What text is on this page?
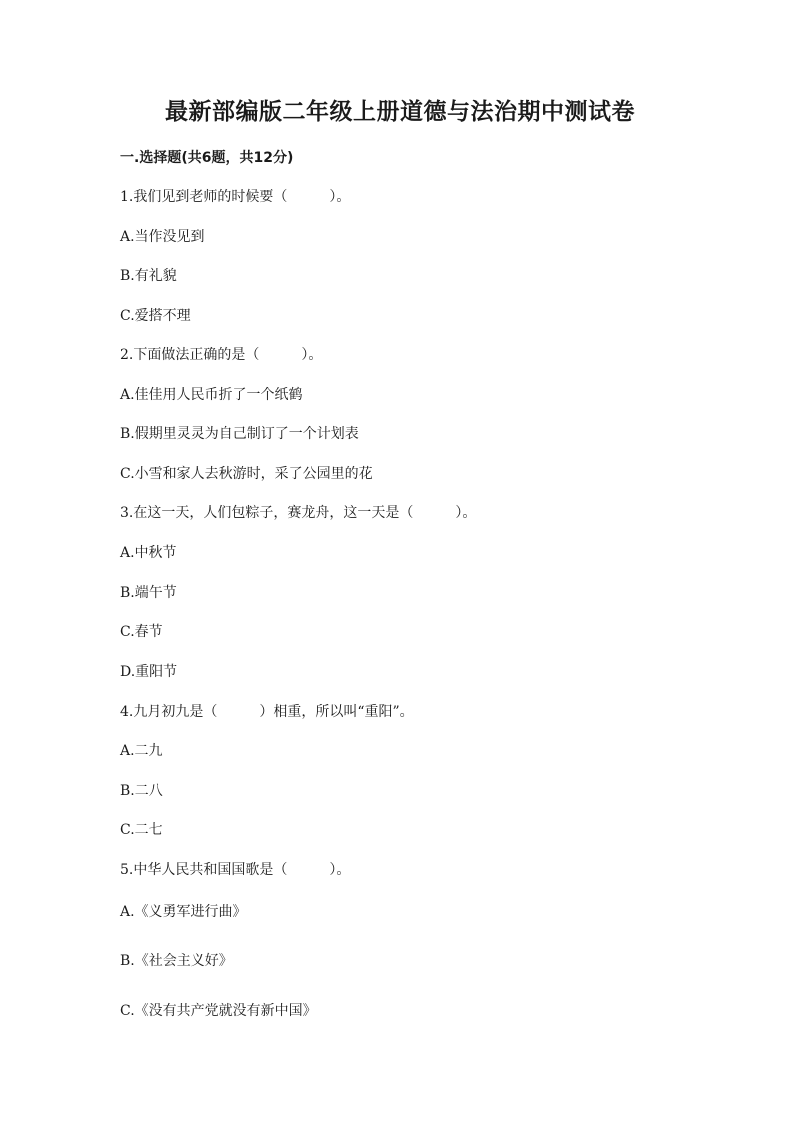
最新部编版二年级上册道德与法治期中测试卷
一.选择题(共6题，共12分)
1.我们见到老师的时候要（　　　）。
A.当作没见到
B.有礼貌
C.爱搭不理
2.下面做法正确的是（　　　）。
A.佳佳用人民币折了一个纸鹤
B.假期里灵灵为自己制订了一个计划表
C.小雪和家人去秋游时，采了公园里的花
3.在这一天，人们包粽子，赛龙舟，这一天是（　　　）。
A.中秋节
B.端午节
C.春节
D.重阳节
4.九月初九是（　　　）相重，所以叫“重阳”。
A.二九
B.二八
C.二七
5.中华人民共和国国歌是（　　　）。
A.《义勇军进行曲》
B.《社会主义好》
C.《没有共产党就没有新中国》
